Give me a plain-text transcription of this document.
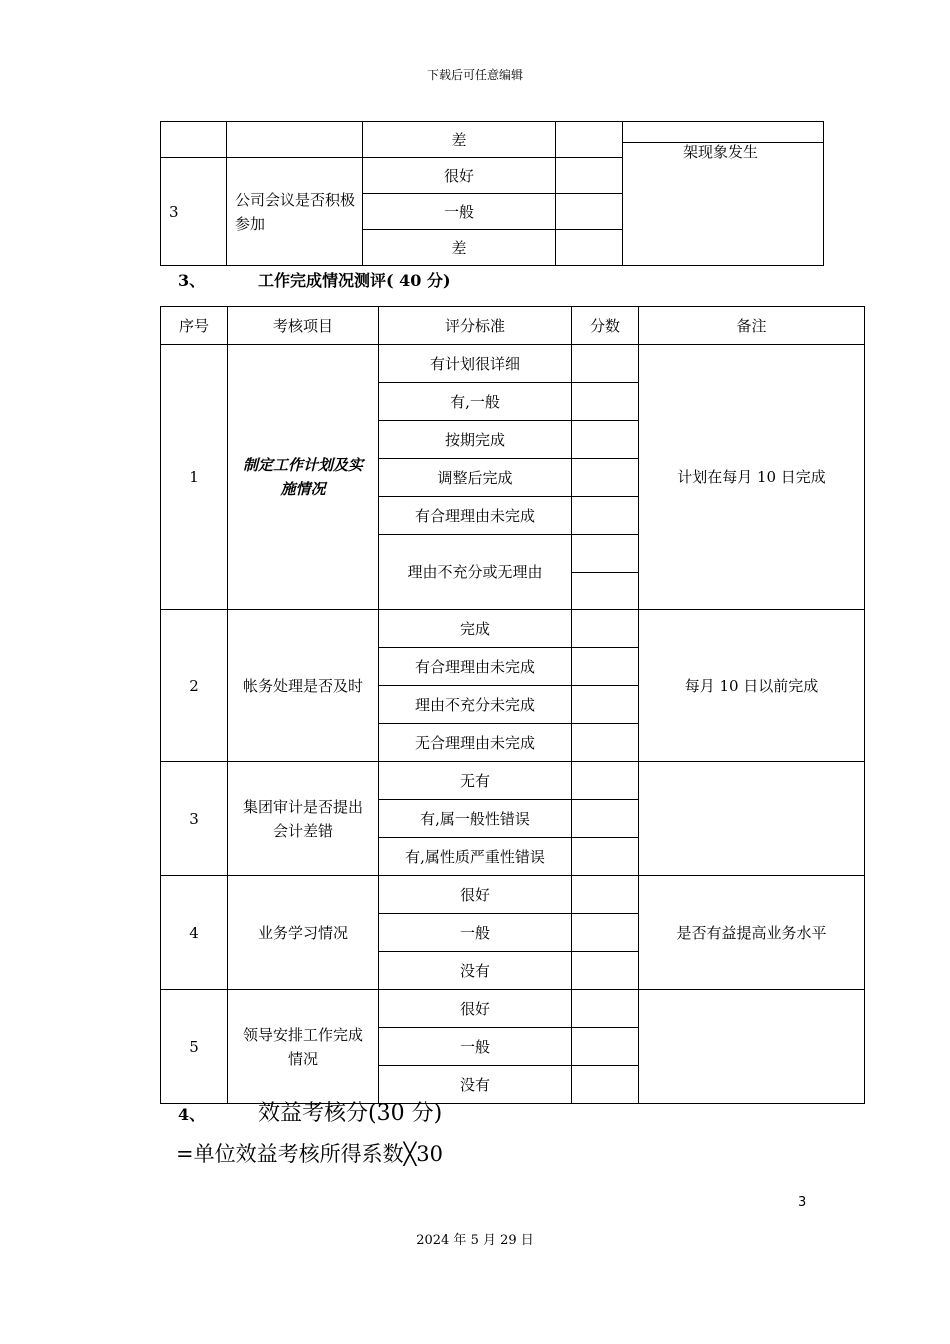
下载后可任意编辑
		差		架现象发生

3	公司会议是否积极参加	很好		
		一般		
		差		
3、	工作完成情况测评( 40 分)
序号	考核项目	评分标准	分数	备注
1	制定工作计划及实施情况	有计划很详细		计划在每月 10 日完成
		有,一般		
		按期完成		
		调整后完成		
		有合理理由未完成		
		理由不充分或无理由		

2	帐务处理是否及时	完成		每月 10 日以前完成
		有合理理由未完成		
		理由不充分未完成		
		无合理理由未完成		
3	集团审计是否提出会计差错	无有		
		有,属一般性错误		
		有,属性质严重性错误		
4	业务学习情况	很好		是否有益提高业务水平
		一般		
		没有		
5	领导安排工作完成情况	很好		
		一般		
		没有		
4、 效益考核分(30 分)
=单位效益考核所得系数╳30
3
2024 年 5 月 29 日
